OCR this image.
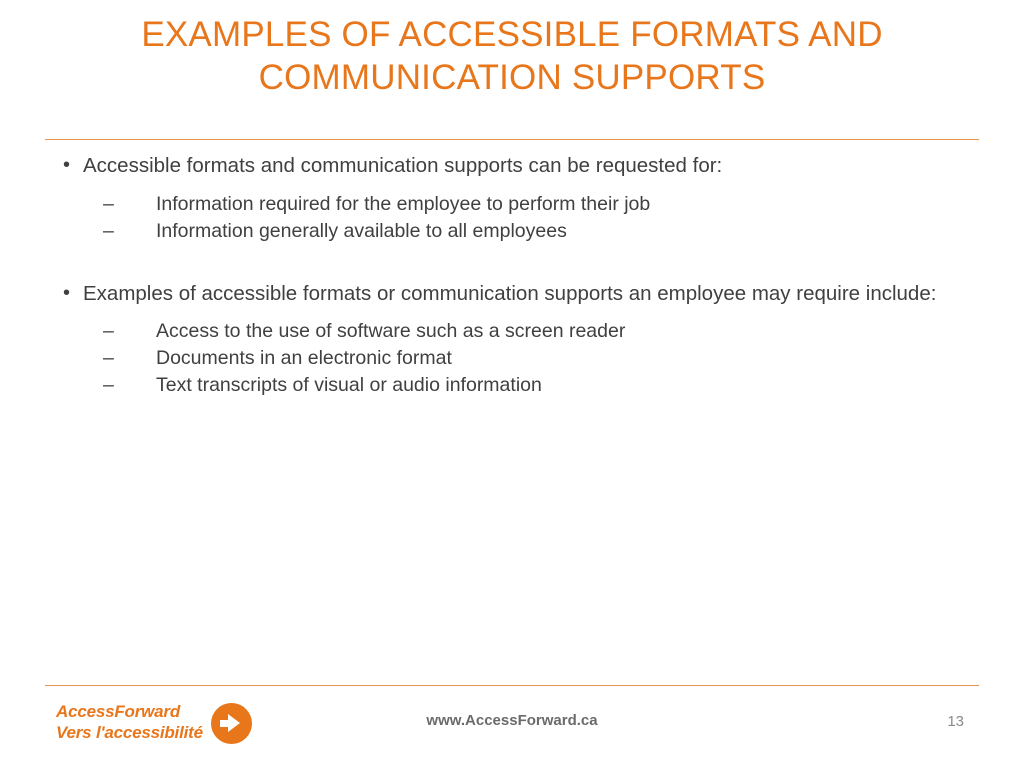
EXAMPLES OF ACCESSIBLE FORMATS AND
COMMUNICATION SUPPORTS
• Accessible formats and communication supports can be requested for:
–	Information required for the employee to perform their job
–	Information generally available to all employees
• Examples of accessible formats or communication supports an employee may require include:
–	Access to the use of software such as a screen reader
–	Documents in an electronic format
–	Text transcripts of visual or audio information
AccessForward
Vers l'accessibilité
www.AccessForward.ca	13
